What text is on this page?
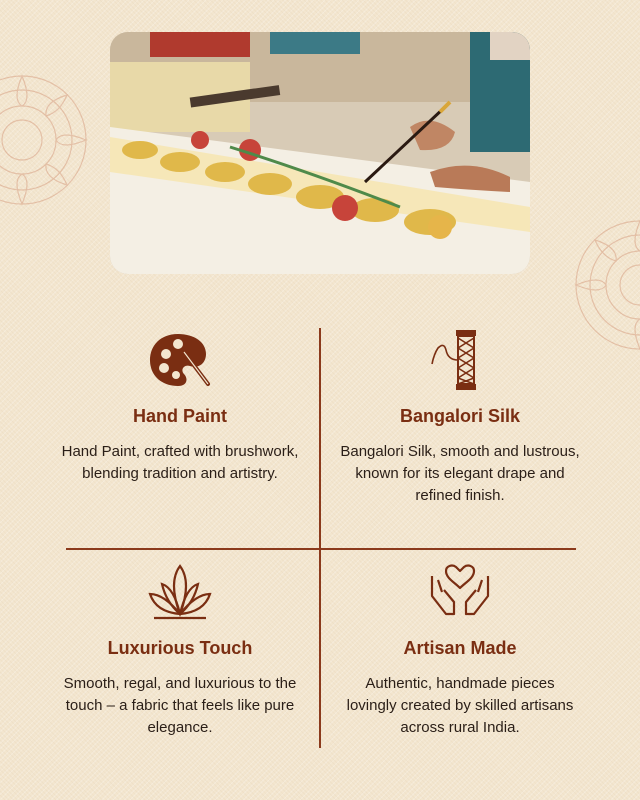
Hand Paint
Hand Paint, crafted with brushwork, blending tradition and artistry.
Bangalori Silk
Bangalori Silk, smooth and lustrous, known for its elegant drape and refined finish.
Luxurious Touch
Smooth, regal, and luxurious to the touch – a fabric that feels like pure elegance.
Artisan Made
Authentic, handmade pieces lovingly created by skilled artisans across rural India.
